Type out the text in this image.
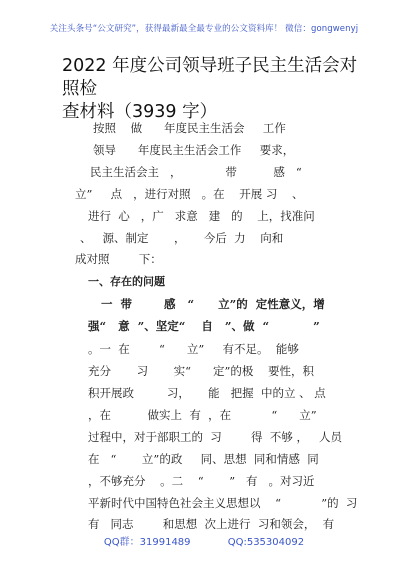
关注头条号“公文研究”，获得最新最全最专业的公文资料库！ 微信：gongwenyj
2022 年度公司领导班子民主生活会对照检
查材料（3939 字）
按照    做      年度民主生活会     工作
领导      年度民主生活会工作     要求，
民主生活会主   ，            带          感   “
立”     点   ，进行对照   。在    开展 习    、
进行  心   ，广   求意   建   的    上，找准问
、   源、制定       ，     今后  力    向和
成对照        下：
一、存在的问题
一  带        感   “      立”的  定性意义，增
强“   意  ”、坚定“    自   ”、做  “           ”
。一  在        “      立”     有不足。  能够
充分       习       实“      定”的极    要性，积
积开展政         习，     能   把握  中的立 、 点
，在          做实上  有  ，在           “      立”
过程中，对于部职工的  习        得  不够 ，   人员
在   “       立”的政     同、思想  同和情感  同
，不够充分    。二    “       ”   有   。对习近
平新时代中国特色社会主义思想以    “           ”的  习
有   同志        和思想  次上进行  习和领会，  有
QQ群：31991489	QQ:535304092
